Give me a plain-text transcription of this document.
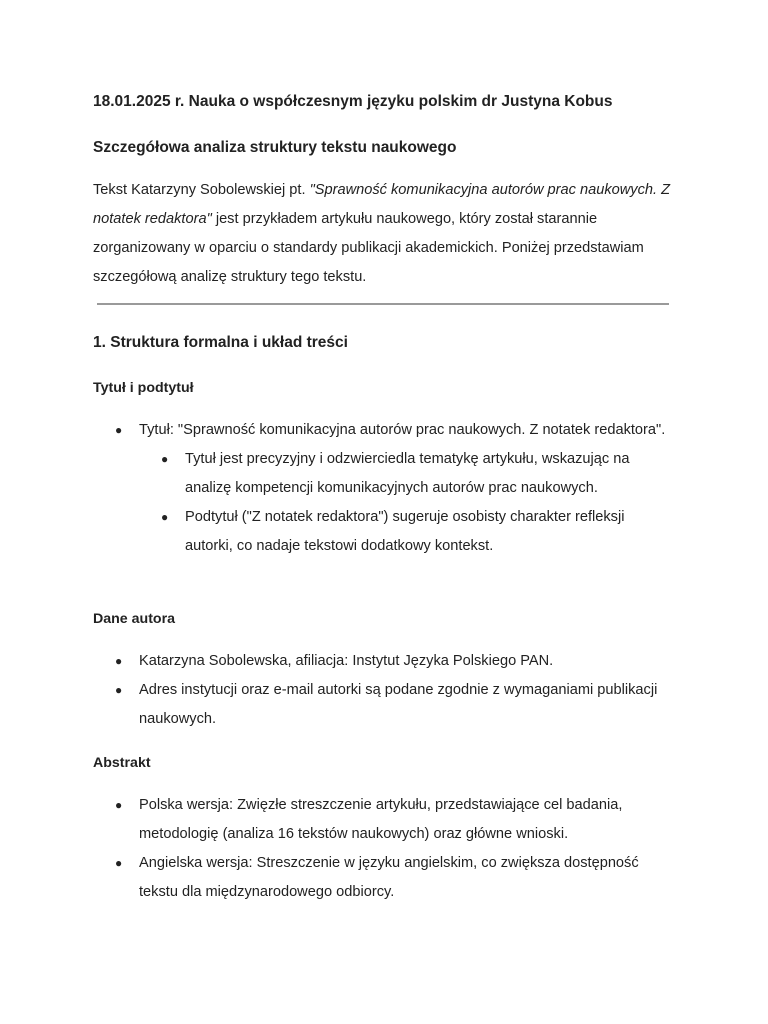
18.01.2025 r. Nauka o współczesnym języku polskim dr Justyna Kobus
Szczegółowa analiza struktury tekstu naukowego
Tekst Katarzyny Sobolewskiej pt. "Sprawność komunikacyjna autorów prac naukowych. Z notatek redaktora" jest przykładem artykułu naukowego, który został starannie zorganizowany w oparciu o standardy publikacji akademickich. Poniżej przedstawiam szczegółową analizę struktury tego tekstu.
1. Struktura formalna i układ treści
Tytuł i podtytuł
● Tytuł: "Sprawność komunikacyjna autorów prac naukowych. Z notatek redaktora".
● Tytuł jest precyzyjny i odzwierciedla tematykę artykułu, wskazując na analizę kompetencji komunikacyjnych autorów prac naukowych.
● Podtytuł ("Z notatek redaktora") sugeruje osobisty charakter refleksji autorki, co nadaje tekstowi dodatkowy kontekst.
Dane autora
● Katarzyna Sobolewska, afiliacja: Instytut Języka Polskiego PAN.
● Adres instytucji oraz e-mail autorki są podane zgodnie z wymaganiami publikacji naukowych.
Abstrakt
● Polska wersja: Zwięzłe streszczenie artykułu, przedstawiające cel badania, metodologię (analiza 16 tekstów naukowych) oraz główne wnioski.
● Angielska wersja: Streszczenie w języku angielskim, co zwiększa dostępność tekstu dla międzynarodowego odbiorcy.
